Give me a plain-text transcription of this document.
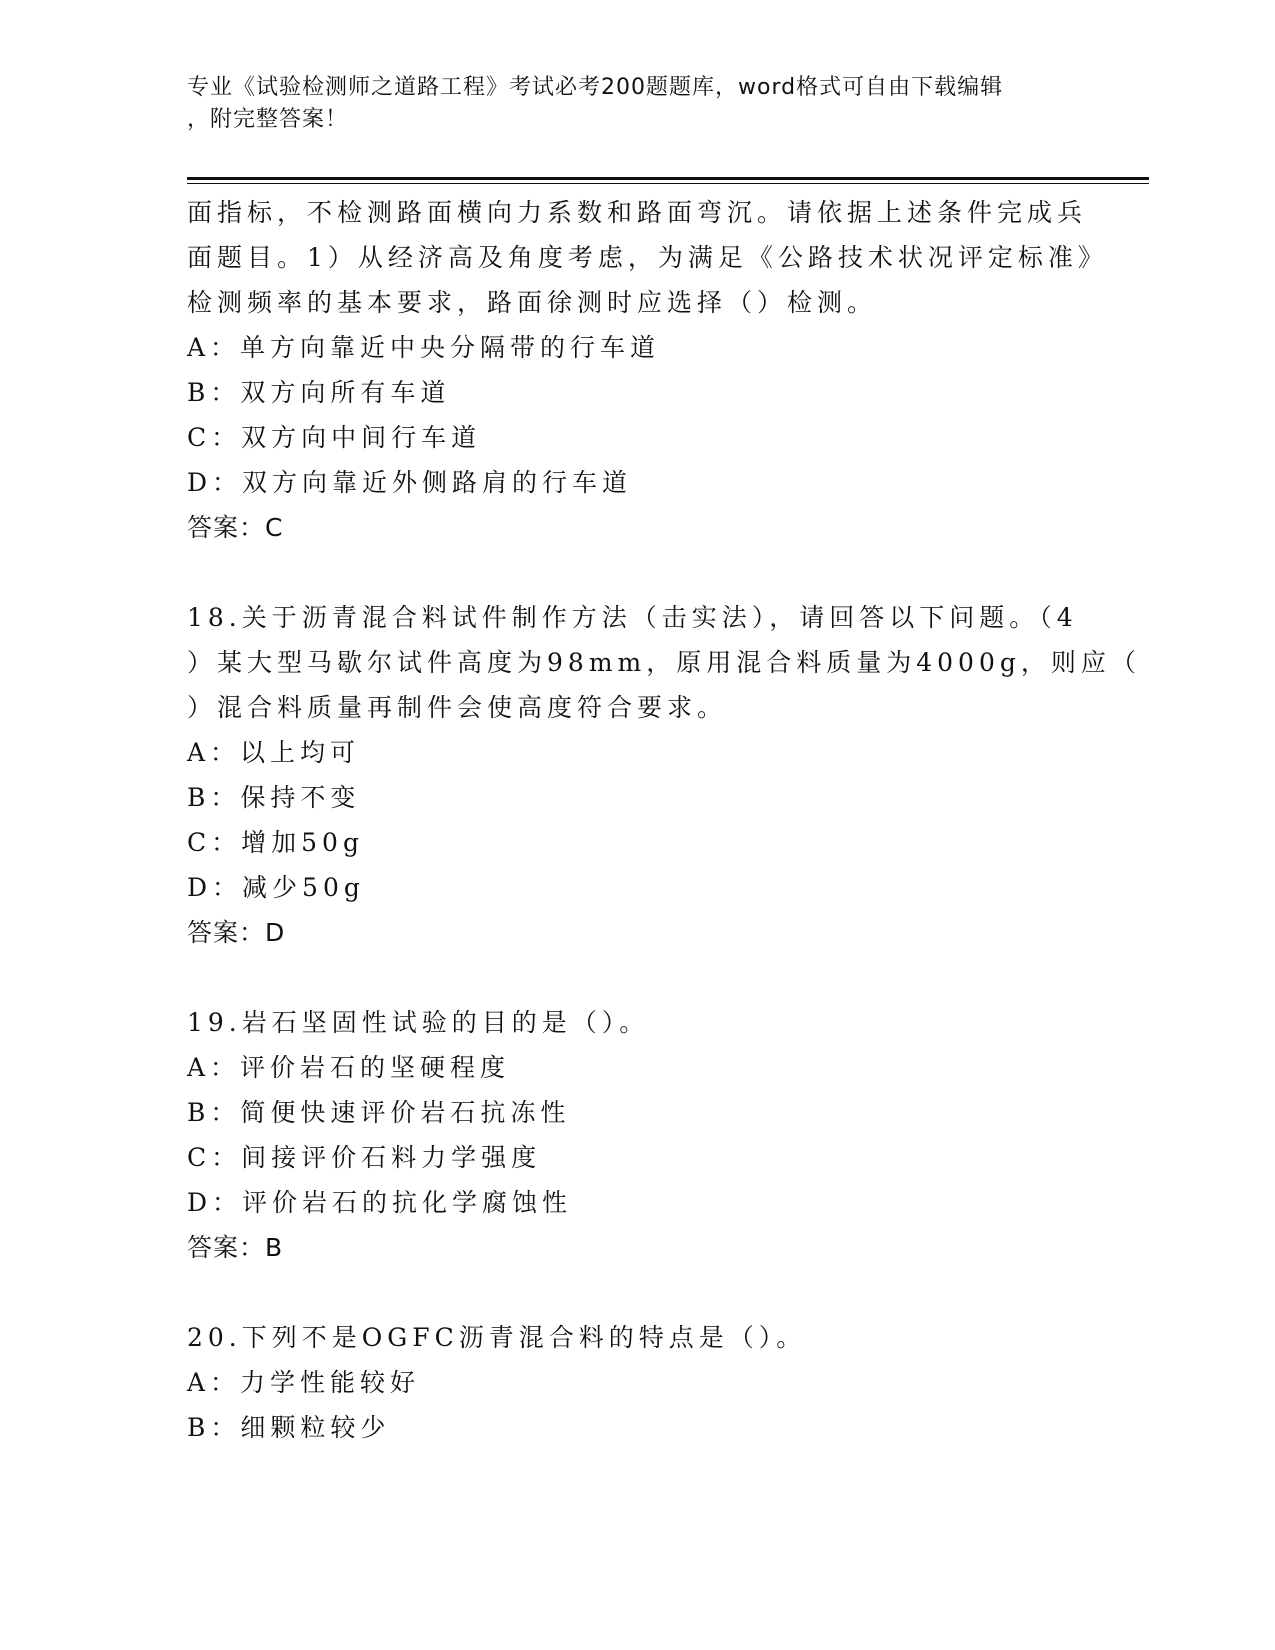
专业《试验检测师之道路工程》考试必考200题题库，word格式可自由下载编辑
，附完整答案！
面指标，不检测路面横向力系数和路面弯沉。请依据上述条件完成兵
面题目。1）从经济高及角度考虑，为满足《公路技术状况评定标准》
检测频率的基本要求，路面徐测时应选择（）检测。
A：单方向靠近中央分隔带的行车道
B：双方向所有车道
C：双方向中间行车道
D：双方向靠近外侧路肩的行车道
答案：C
18.关于沥青混合料试件制作方法（击实法），请回答以下问题。（4
）某大型马歇尔试件高度为98mm，原用混合料质量为4000g，则应（
）混合料质量再制件会使高度符合要求。
A：以上均可
B：保持不变
C：增加50g
D：减少50g
答案：D
19.岩石坚固性试验的目的是（）。
A：评价岩石的坚硬程度
B：简便快速评价岩石抗冻性
C：间接评价石料力学强度
D：评价岩石的抗化学腐蚀性
答案：B
20.下列不是OGFC沥青混合料的特点是（）。
A：力学性能较好
B：细颗粒较少
